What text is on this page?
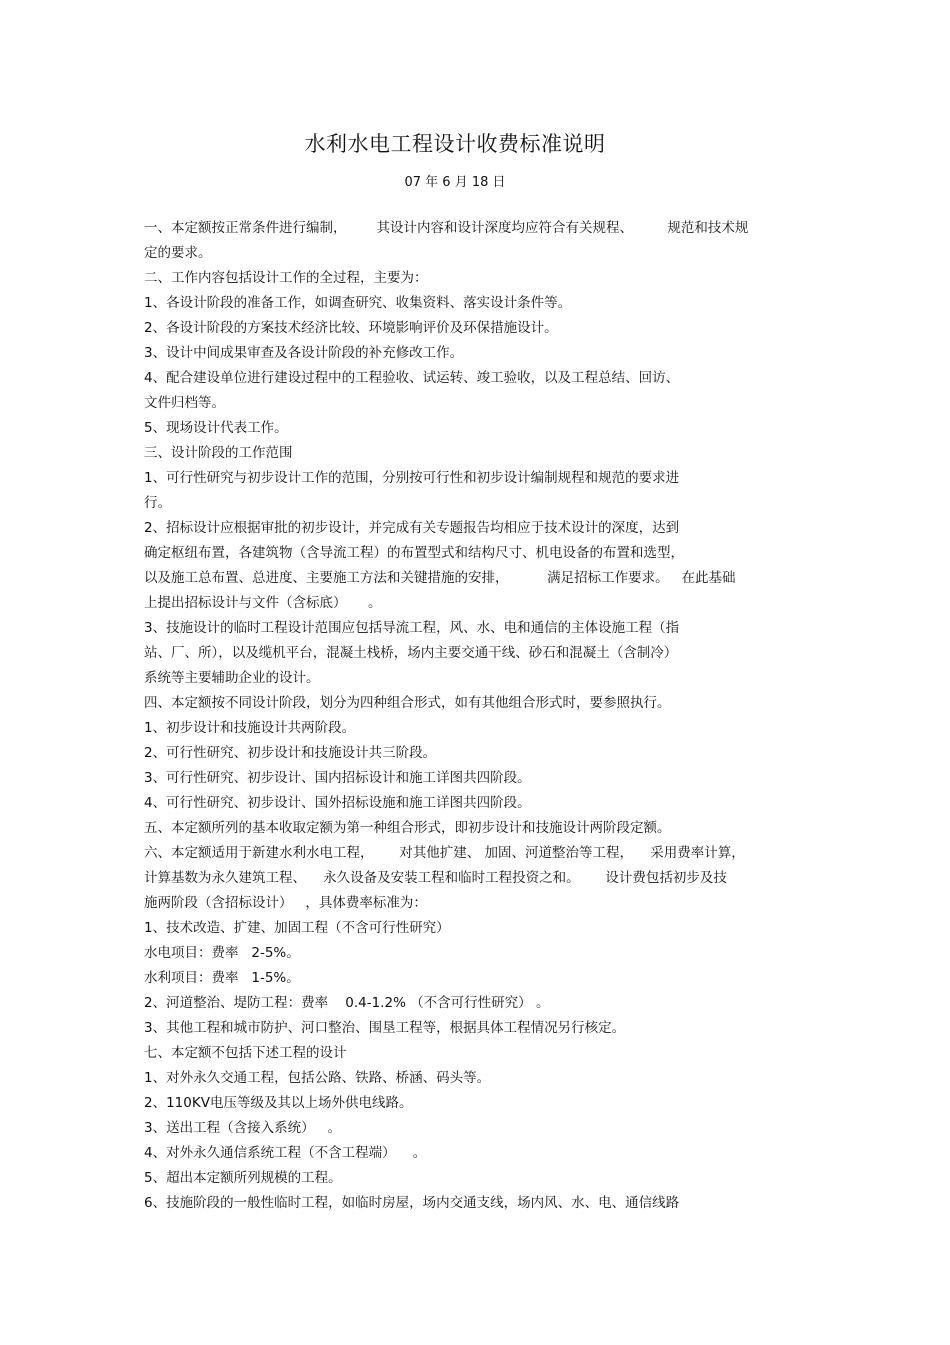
水利水电工程设计收费标准说明
07 年 6 月 18 日
一、本定额按正常条件进行编制，       其设计内容和设计深度均应符合有关规程、        规范和技术规
定的要求。
二、工作内容包括设计工作的全过程，主要为：
1、各设计阶段的准备工作，如调查研究、收集资料、落实设计条件等。
2、各设计阶段的方案技术经济比较、环境影响评价及环保措施设计。
3、设计中间成果审查及各设计阶段的补充修改工作。
4、配合建设单位进行建设过程中的工程验收、试运转、竣工验收，以及工程总结、回访、
文件归档等。
5、现场设计代表工作。
三、设计阶段的工作范围
1、可行性研究与初步设计工作的范围，分别按可行性和初步设计编制规程和规范的要求进
行。
2、招标设计应根据审批的初步设计，并完成有关专题报告均相应于技术设计的深度，达到
确定枢纽布置，各建筑物（含导流工程）的布置型式和结构尺寸、机电设备的布置和选型，
以及施工总布置、总进度、主要施工方法和关键措施的安排，         满足招标工作要求。   在此基础
上提出招标设计与文件（含标底）     。
3、技施设计的临时工程设计范围应包括导流工程，风、水、电和通信的主体设施工程（指
站、厂、所），以及缆机平台，混凝土栈桥，场内主要交通干线、砂石和混凝土（含制冷）
系统等主要辅助企业的设计。
四、本定额按不同设计阶段，划分为四种组合形式，如有其他组合形式时，要参照执行。
1、初步设计和技施设计共两阶段。
2、可行性研究、初步设计和技施设计共三阶段。
3、可行性研究、初步设计、国内招标设计和施工详图共四阶段。
4、可行性研究、初步设计、国外招标设施和施工详图共四阶段。
五、本定额所列的基本收取定额为第一种组合形式，即初步设计和技施设计两阶段定额。
六、本定额适用于新建水利水电工程，      对其他扩建、 加固、河道整治等工程，    采用费率计算，
计算基数为永久建筑工程、    永久设备及安装工程和临时工程投资之和。      设计费包括初步及技
施两阶段（含招标设计）   ，具体费率标准为：
1、技术改造、扩建、加固工程（不含可行性研究）
水电项目：费率   2-5%。
水利项目：费率   1-5%。
2、河道整治、堤防工程：费率    0.4-1.2% （不含可行性研究） 。
3、其他工程和城市防护、河口整治、围垦工程等，根据具体工程情况另行核定。
七、本定额不包括下述工程的设计
1、对外永久交通工程，包括公路、铁路、桥涵、码头等。
2、110KV电压等级及其以上场外供电线路。
3、送出工程（含接入系统）   。
4、对外永久通信系统工程（不含工程端）    。
5、超出本定额所列规模的工程。
6、技施阶段的一般性临时工程，如临时房屋，场内交通支线，场内风、水、电、通信线路
